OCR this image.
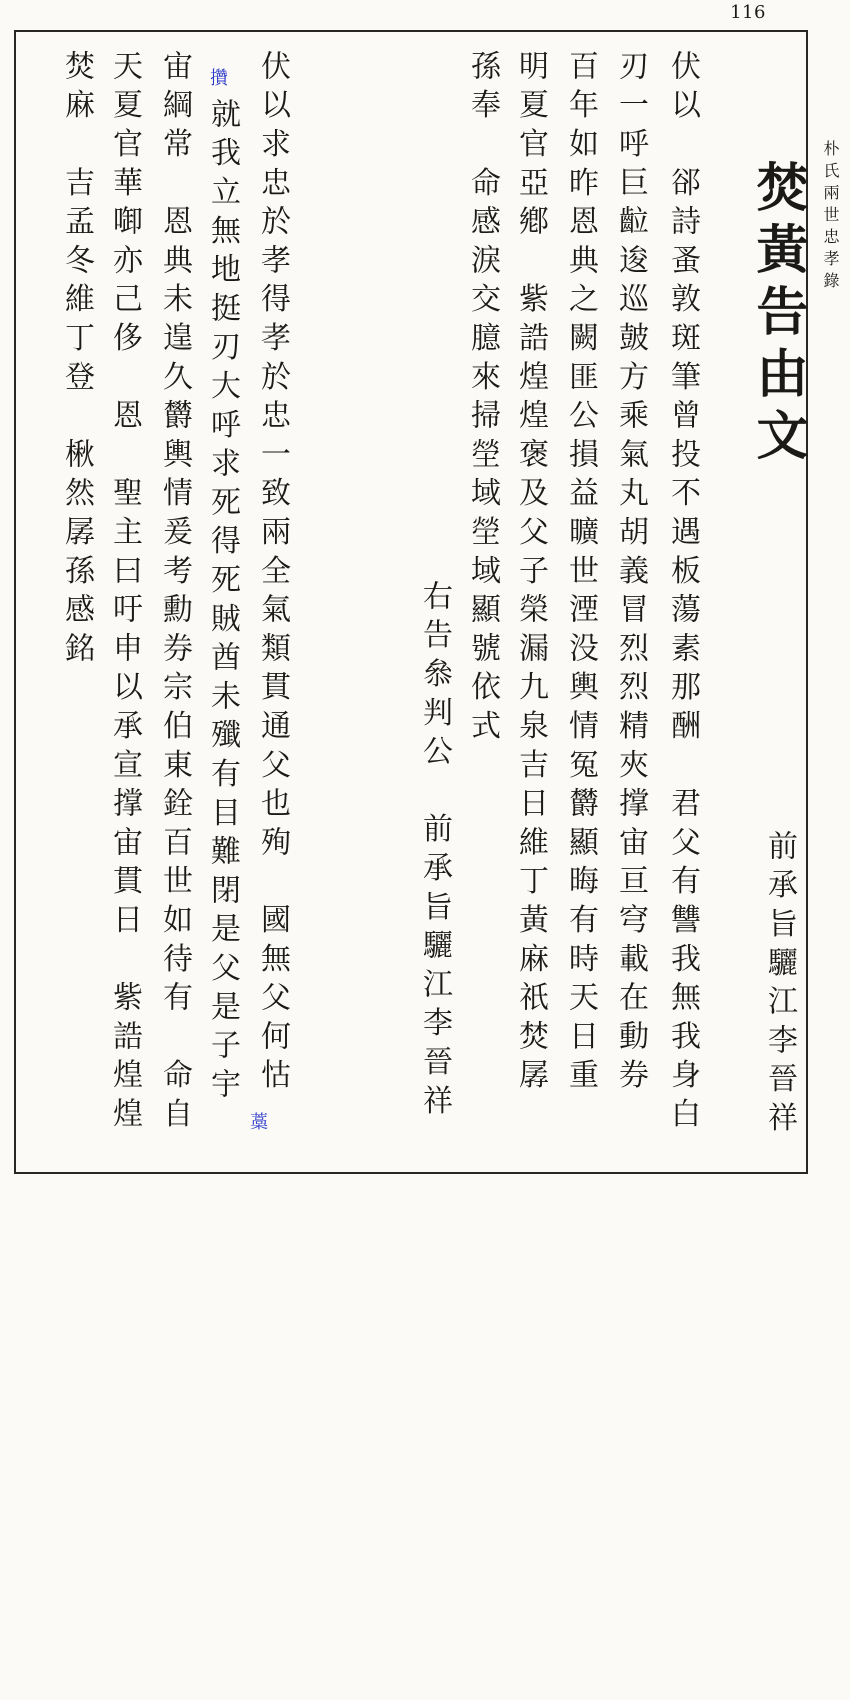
116
朴氏兩世忠孝錄
焚黃告由文
前承旨驪江李晉祥
伏以　郤詩蚤敦斑筆曾投不遇板蕩素那酬　君父有讐我無我身白
刃一呼巨䶘逡巡皷方乘氣丸胡義冒烈烈精夾撑宙亘穹載在動券
百年如昨恩典之闕匪公損益曠世湮没輿情冤欝顯晦有時天日重
明夏官亞鄕　紫誥煌煌褒及父子榮漏九泉吉日維丁黃麻祇焚孱
孫奉　命感淚交臆來掃塋域塋域顯號依式
右告叅判公　前承旨驪江李晉祥
伏以求忠於孝得孝於忠一致兩全氣類貫通父也殉　國無父何怙
就我立無地挺刃大呼求死得死賊酋未殲有目難閉是父是子宇
宙綱常　恩典未遑久欝輿情爰考勳券宗伯東銓百世如待有　命自
天夏官華啣亦己侈　恩　聖主曰吁申以承宣撑宙貫日　紫誥煌煌
焚麻　吉孟冬維丁登　楸然孱孫感銘	攢
藁
